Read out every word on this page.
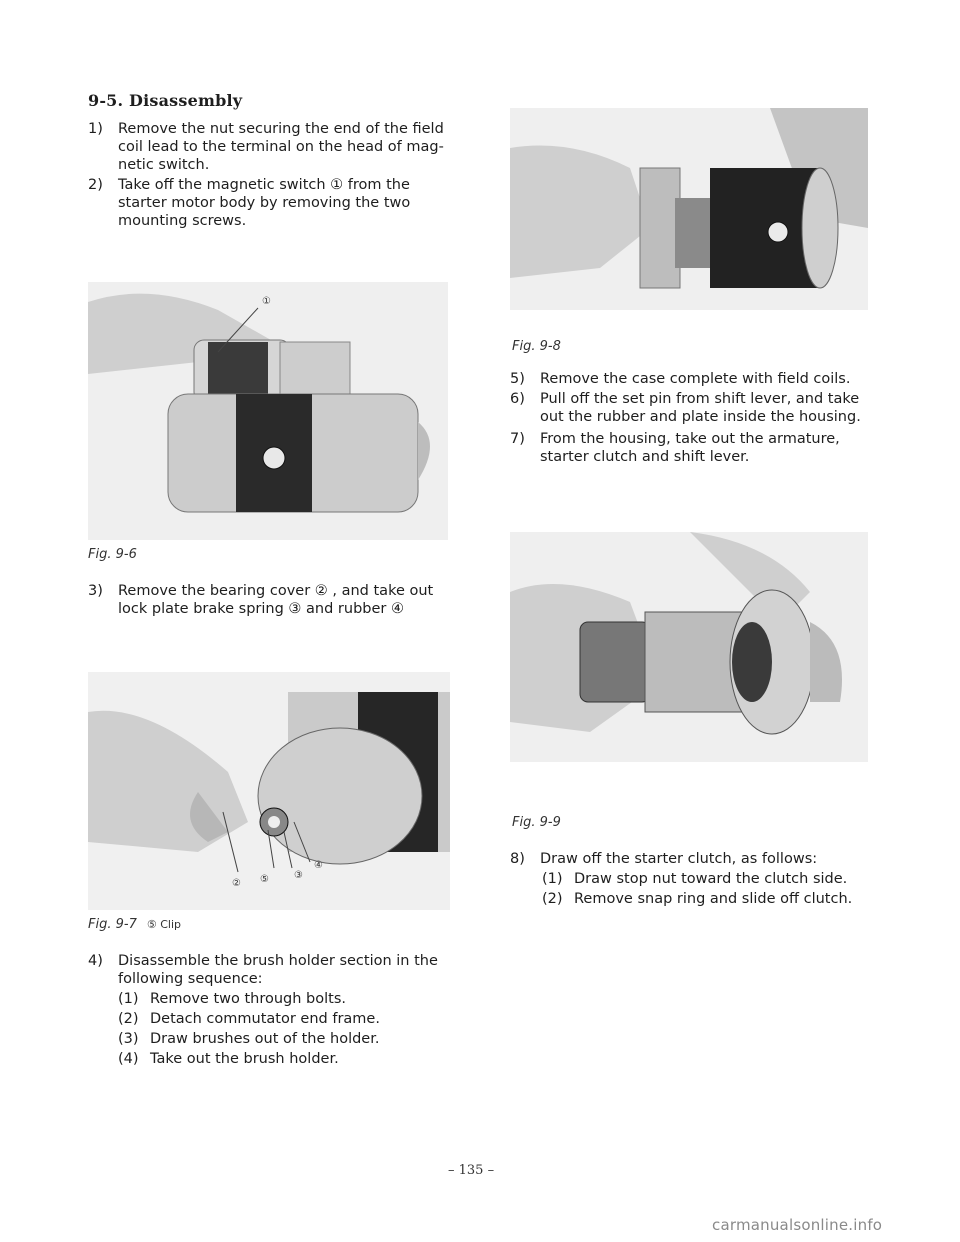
9-5. Disassembly
1) Remove the nut securing the end of the field
coil lead to the terminal on the head of mag-
netic switch.
2) Take off the magnetic switch ① from the
starter motor body by removing the two
mounting screws.
①
Fig. 9-6
3) Remove the bearing cover ② , and take out
lock plate brake spring ③ and rubber ④
② ⑤	③
④
Fig. 9-7 ⑤ Clip
4) Disassemble the brush holder section in the
following sequence:
(1) Remove two through bolts.
(2) Detach commutator end frame.
(3) Draw brushes out of the holder.
(4) Take out the brush holder.
Fig. 9-8
5) Remove the case complete with field coils.
6) Pull off the set pin from shift lever, and take
out the rubber and plate inside the housing.
7) From the housing, take out the armature,
starter clutch and shift lever.
Fig. 9-9
8) Draw off the starter clutch, as follows:
(1) Draw stop nut toward the clutch side.
(2) Remove snap ring and slide off clutch.
– 135 –
carmanualsonline.info
